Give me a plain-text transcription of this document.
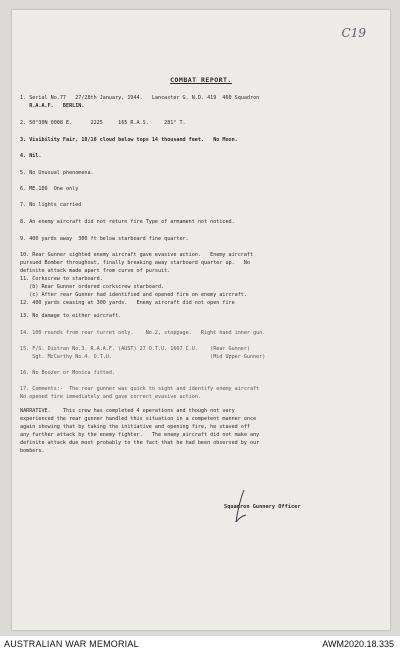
C19
COMBAT REPORT.
1. Serial No.77   27/28th January, 1944.   Lancaster G. N.D. 419  460 Squadron
R.A.A.F.   BERLIN.
2. 50°30N 0008 E.      2225     165 R.A.S.     281° T.
3. Visibility Fair, 10/10 cloud below tops 14 thousand feet.   No Moon.
4. Nil.
5. No Unusual phenomena.
6. ME.109  One only
7. No lights carried
8. An enemy aircraft did not return fire Type of armament not noticed.
9. 400 yards away  300 ft below starboard fine quarter.
10. Rear Gunner sighted enemy aircraft gave evasive action.   Enemy aircraft
pursued Bomber throughout, finally breaking away starboard quarter up.   No
definite attack made apart from curve of pursuit.
11. Corkscrew to starboard.
(b) Rear Gunner ordered corkscrew starboard.
(c) After rear Gunner had identified and opened fire on enemy aircraft.
12. 400 yards ceasing at 300 yards.   Enemy aircraft did not open fire
13. No damage to either aircraft.
14. 100 rounds from rear turret only.    No.2, stoppage.   Right hand inner gun.
15. F/S. Distran No.3. R.A.A.F. (AUST) 27 O.T.U. 1667 C.U.    (Rear Gunner)
Sgt. McCarthy No.4. O.T.U.                                (Mid Upper Gunner)
16. No Boozer or Monica fitted.
17. Comments:-  The rear gunner was quick to sight and identify enemy aircraft
No opened fire immediately and gave correct evasive action.
NARRATIVE.    This crew has completed 4 operations and though not very
experienced the rear gunner handled this situation in a competent manner once
again showing that by taking the initiative and opening fire, he staved off
any further attack by the enemy fighter.   The enemy aircraft did not make any
definite attack due most probably to the fact that he had been observed by our
bombers.
Squadron Gunnery Officer
AUSTRALIAN WAR MEMORIAL	AWM2020.18.335
